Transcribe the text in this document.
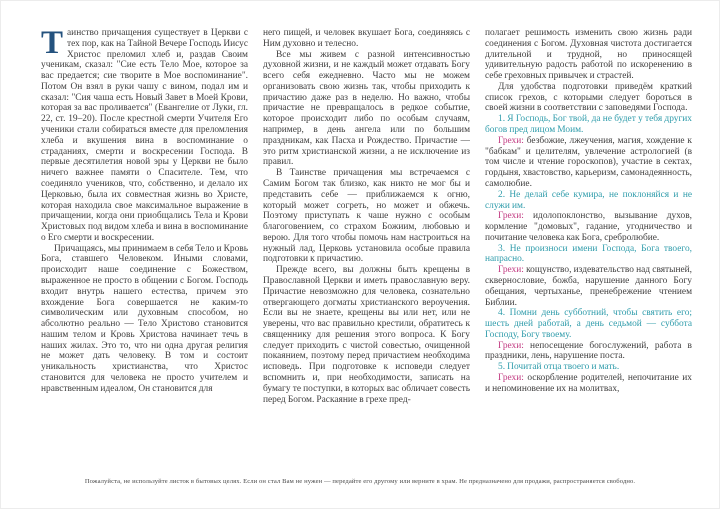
Таинство причащения существует в Церкви с тех пор, как на Тайной Вечере Господь Иисус Христос преломил хлеб и, раздав Своим ученикам, сказал: "Сие есть Тело Мое, которое за вас предается; сие творите в Мое воспоминание". Потом Он взял в руки чашу с вином, подал им и сказал: "Сия чаша есть Новый Завет в Моей Крови, которая за вас проливается" (Евангелие от Луки, гл. 22, ст. 19–20). После крестной смерти Учителя Его ученики стали собираться вместе для преломления хлеба и вкушения вина в воспоминание о страданиях, смерти и воскресении Господа. В первые десятилетия новой эры у Церкви не было ничего важнее памяти о Спасителе. Тем, что соединяло учеников, что, собственно, и делало их Церковью, была их совместная жизнь во Христе, которая находила свое максимальное выражение в причащении, когда они приобщались Тела и Крови Христовых под видом хлеба и вина в воспоминание о Его смерти и воскресении.

Причащаясь, мы принимаем в себя Тело и Кровь Бога, ставшего Человеком. Иными словами, происходит наше соединение с Божеством, выраженное не просто в общении с Богом. Господь входит внутрь нашего естества, причем это вхождение Бога совершается не каким-то символическим или духовным способом, но абсолютно реально — Тело Христово становится нашим телом и Кровь Христова начинает течь в наших жилах. Это то, что ни одна другая религия не может дать человеку. В том и состоит уникальность христианства, что Христос становится для человека не просто учителем и нравственным идеалом, Он становится для

него пищей, и человек вкушает Бога, соединяясь с Ним духовно и телесно.

Все мы живем с разной интенсивностью духовной жизни, и не каждый может отдавать Богу всего себя ежедневно. Часто мы не можем организовать свою жизнь так, чтобы приходить к причастию даже раз в неделю. Но важно, чтобы причастие не превращалось в редкое событие, которое происходит либо по особым случаям, например, в день ангела или по большим праздникам, как Пасха и Рождество. Причастие — это ритм христианской жизни, а не исключение из правил.

В Таинстве причащения мы встречаемся с Самим Богом так близко, как никто не мог бы и представить себе — приближаемся к огню, который может согреть, но может и обжечь. Поэтому приступать к чаше нужно с особым благоговением, со страхом Божиим, любовью и верою. Для того чтобы помочь нам настроиться на нужный лад, Церковь установила особые правила подготовки к причастию.

Прежде всего, вы должны быть крещены в Православной Церкви и иметь православную веру. Причастие невозможно для человека, сознательно отвергающего догматы христианского вероучения. Если вы не знаете, крещены вы или нет, или не уверены, что вас правильно крестили, обратитесь к священнику для решения этого вопроса. К Богу следует приходить с чистой совестью, очищенной покаянием, поэтому перед причастием необходима исповедь. При подготовке к исповеди следует вспомнить и, при необходимости, записать на бумагу те поступки, в которых вас обличает совесть перед Богом. Раскаяние в грехе пред-

полагает решимость изменить свою жизнь ради соединения с Богом. Духовная чистота достигается длительной и трудной, но приносящей удивительную радость работой по искоренению в себе греховных привычек и страстей.

Для удобства подготовки приведём краткий список грехов, с которыми следует бороться в своей жизни в соответствии с заповедями Господа.

1. Я Господь, Бог твой, да не будет у тебя других богов пред лицом Моим.

Грехи: безбожие, лжеучения, магия, хождение к "бабкам" и целителям, увлечение астрологией (в том числе и чтение гороскопов), участие в сектах, гордыня, хвастовство, карьеризм, самонадеянность, самолюбие.

2. Не делай себе кумира, не поклоняйся и не служи им.

Грехи: идолопоклонство, вызывание духов, кормление "домовых", гадание, угодничество и почитание человека как Бога, сребролюбие.

3. Не произноси имени Господа, Бога твоего, напрасно.

Грехи: кощунство, издевательство над святыней, сквернословие, божба, нарушение данного Богу обещания, чертыханье, пренебрежение чтением Библии.

4. Помни день субботний, чтобы святить его; шесть дней работай, а день седьмой — суббота Господу, Богу твоему.

Грехи: непосещение богослужений, работа в праздники, лень, нарушение поста.

5. Почитай отца твоего и мать.

Грехи: оскорбление родителей, непочитание их и непоминовение их на молитвах,

Пожалуйста, не используйте листок в бытовых целях. Если он стал Вам не нужен — передайте его другому или верните в храм. Не предназначено для продажи, распространяется свободно.
